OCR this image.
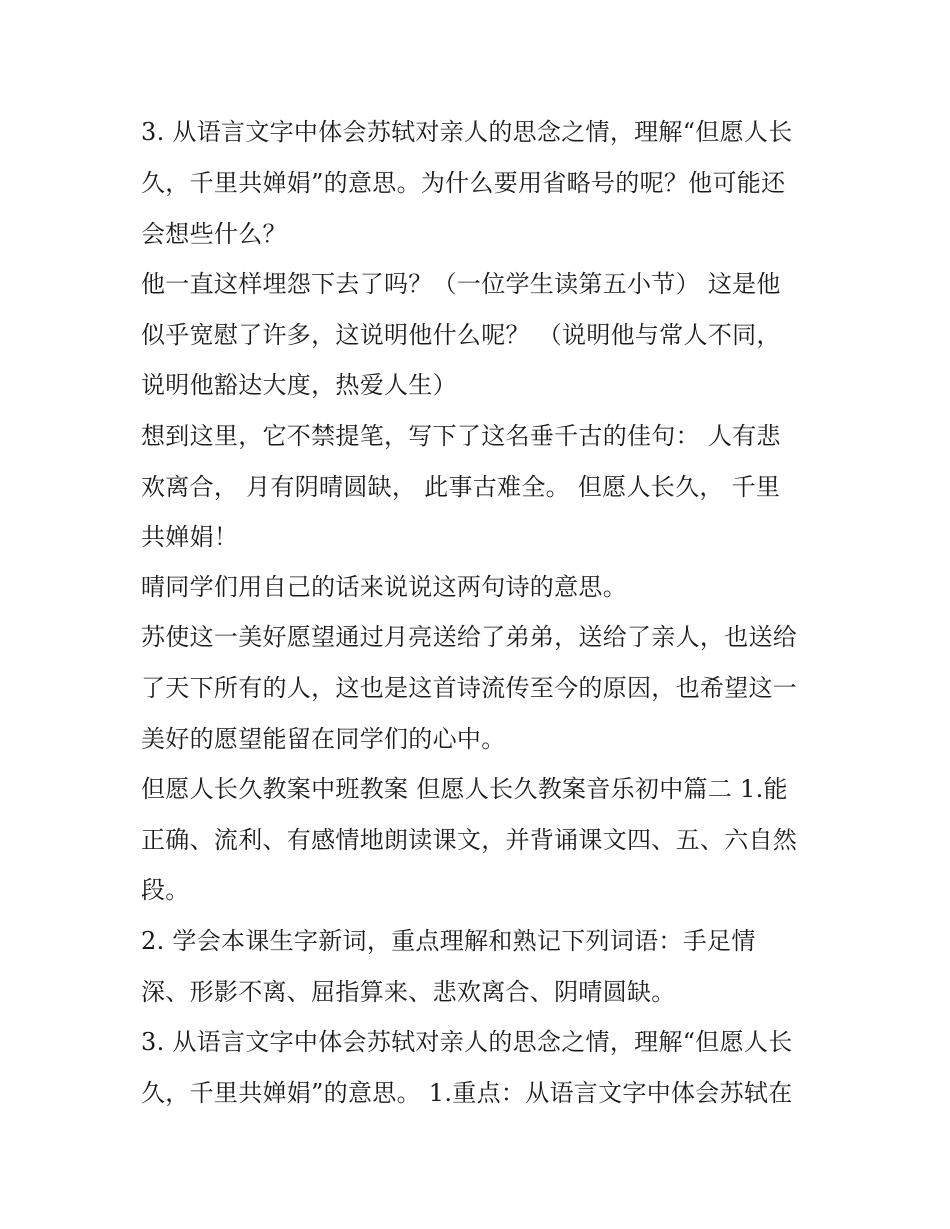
3. 从语言文字中体会苏轼对亲人的思念之情，理解“但愿人长
久，千里共婵娟”的意思。为什么要用省略号的呢？他可能还
会想些什么？
他一直这样埋怨下去了吗？（一位学生读第五小节） 这是他
似乎宽慰了许多，这说明他什么呢？ （说明他与常人不同，
说明他豁达大度，热爱人生）
想到这里，它不禁提笔，写下了这名垂千古的佳句： 人有悲
欢离合， 月有阴晴圆缺， 此事古难全。 但愿人长久， 千里
共婵娟！
晴同学们用自己的话来说说这两句诗的意思。
苏使这一美好愿望通过月亮送给了弟弟，送给了亲人，也送给
了天下所有的人，这也是这首诗流传至今的原因，也希望这一
美好的愿望能留在同学们的心中。
但愿人长久教案中班教案 但愿人长久教案音乐初中篇二 1.能
正确、流利、有感情地朗读课文，并背诵课文四、五、六自然
段。
2. 学会本课生字新词，重点理解和熟记下列词语：手足情
深、形影不离、屈指算来、悲欢离合、阴晴圆缺。
3. 从语言文字中体会苏轼对亲人的思念之情，理解“但愿人长
久，千里共婵娟”的意思。 1.重点：从语言文字中体会苏轼在
